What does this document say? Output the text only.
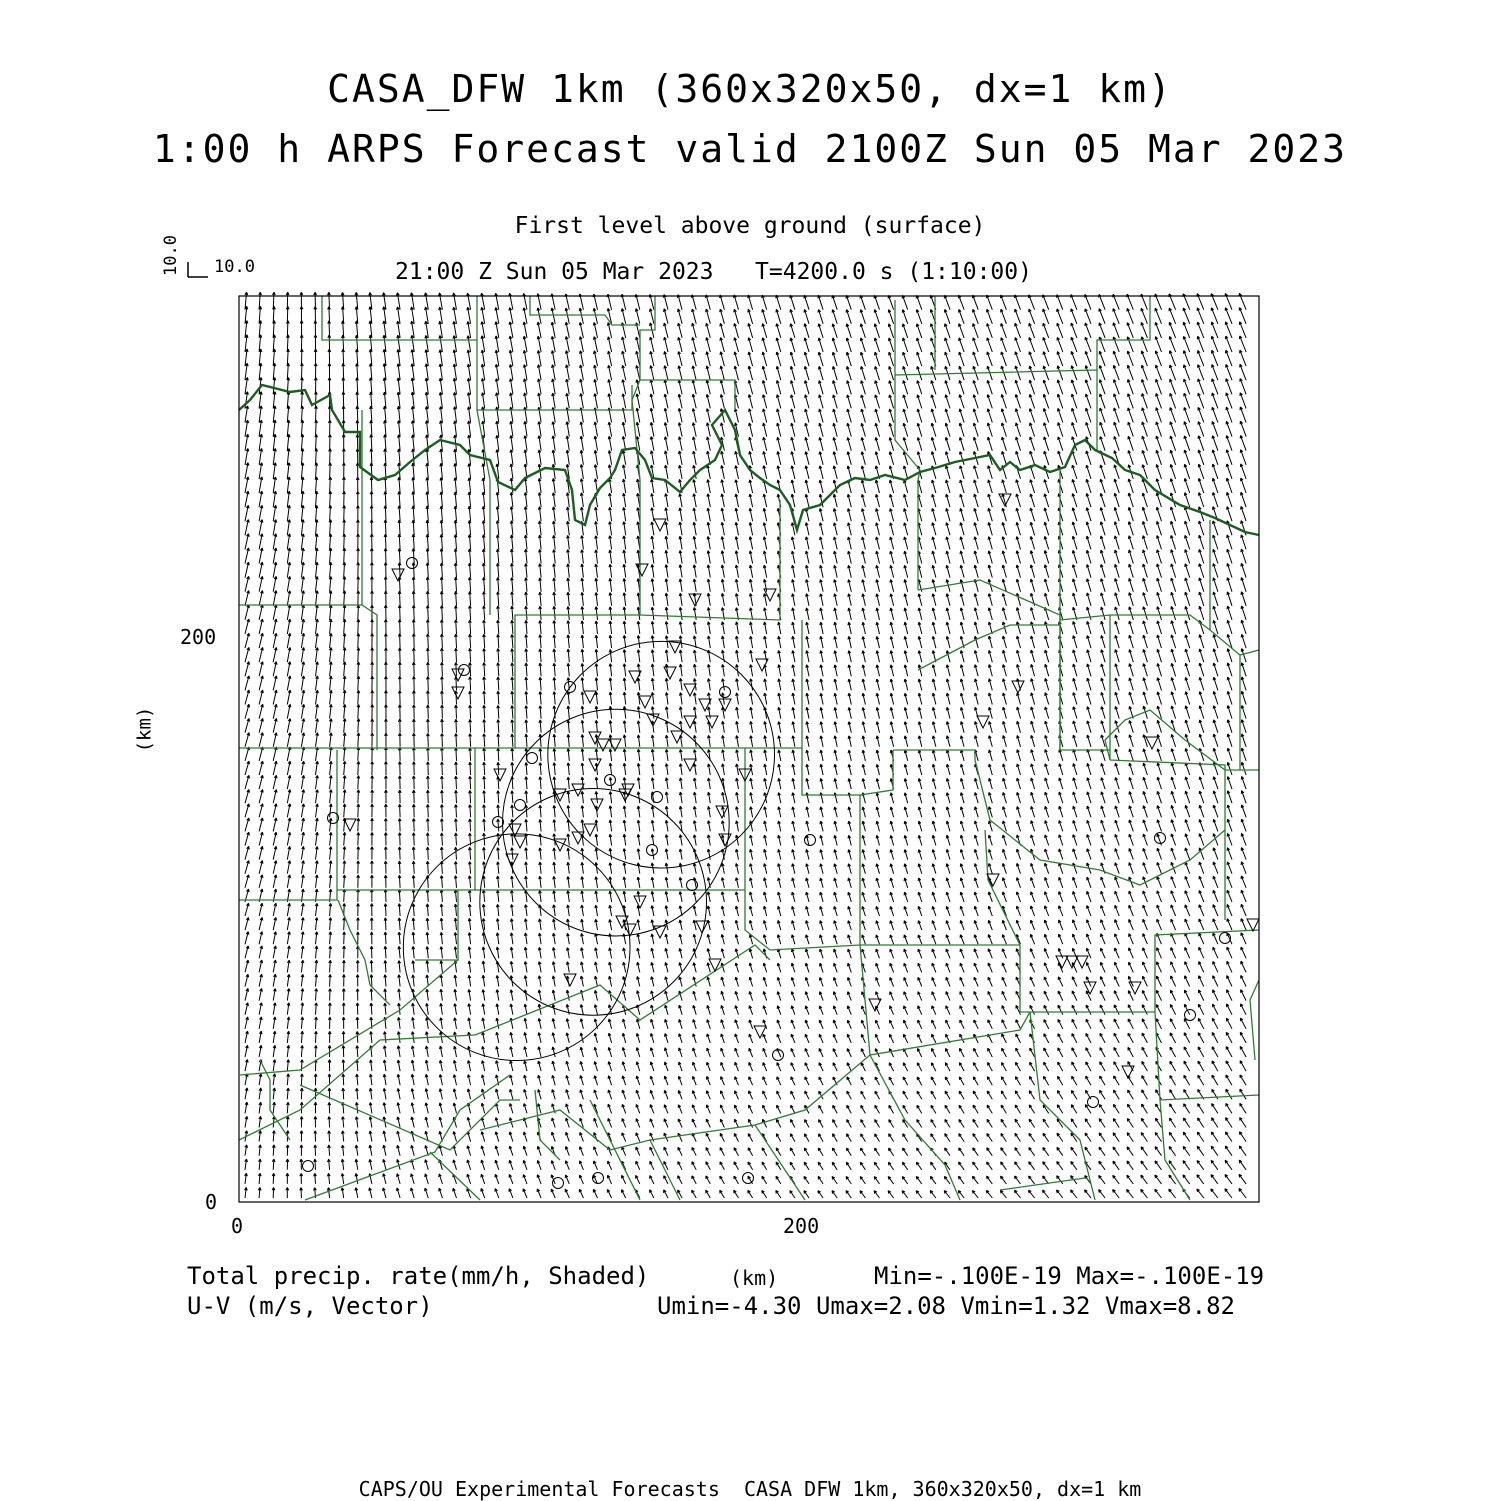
CASA_DFW 1km (360x320x50, dx=1 km)
1:00 h ARPS Forecast valid 2100Z Sun 05 Mar 2023
First level above ground (surface)
21:00 Z Sun 05 Mar 2023   T=4200.0 s (1:10:00)
10.0
10.0
(km)
0	200
0
200
(km)
Total precip. rate(mm/h, Shaded)
U-V (m/s, Vector)
Min=-.100E-19 Max=-.100E-19
Umin=-4.30 Umax=2.08 Vmin=1.32 Vmax=8.82
CAPS/OU Experimental Forecasts  CASA DFW 1km, 360x320x50, dx=1 km
